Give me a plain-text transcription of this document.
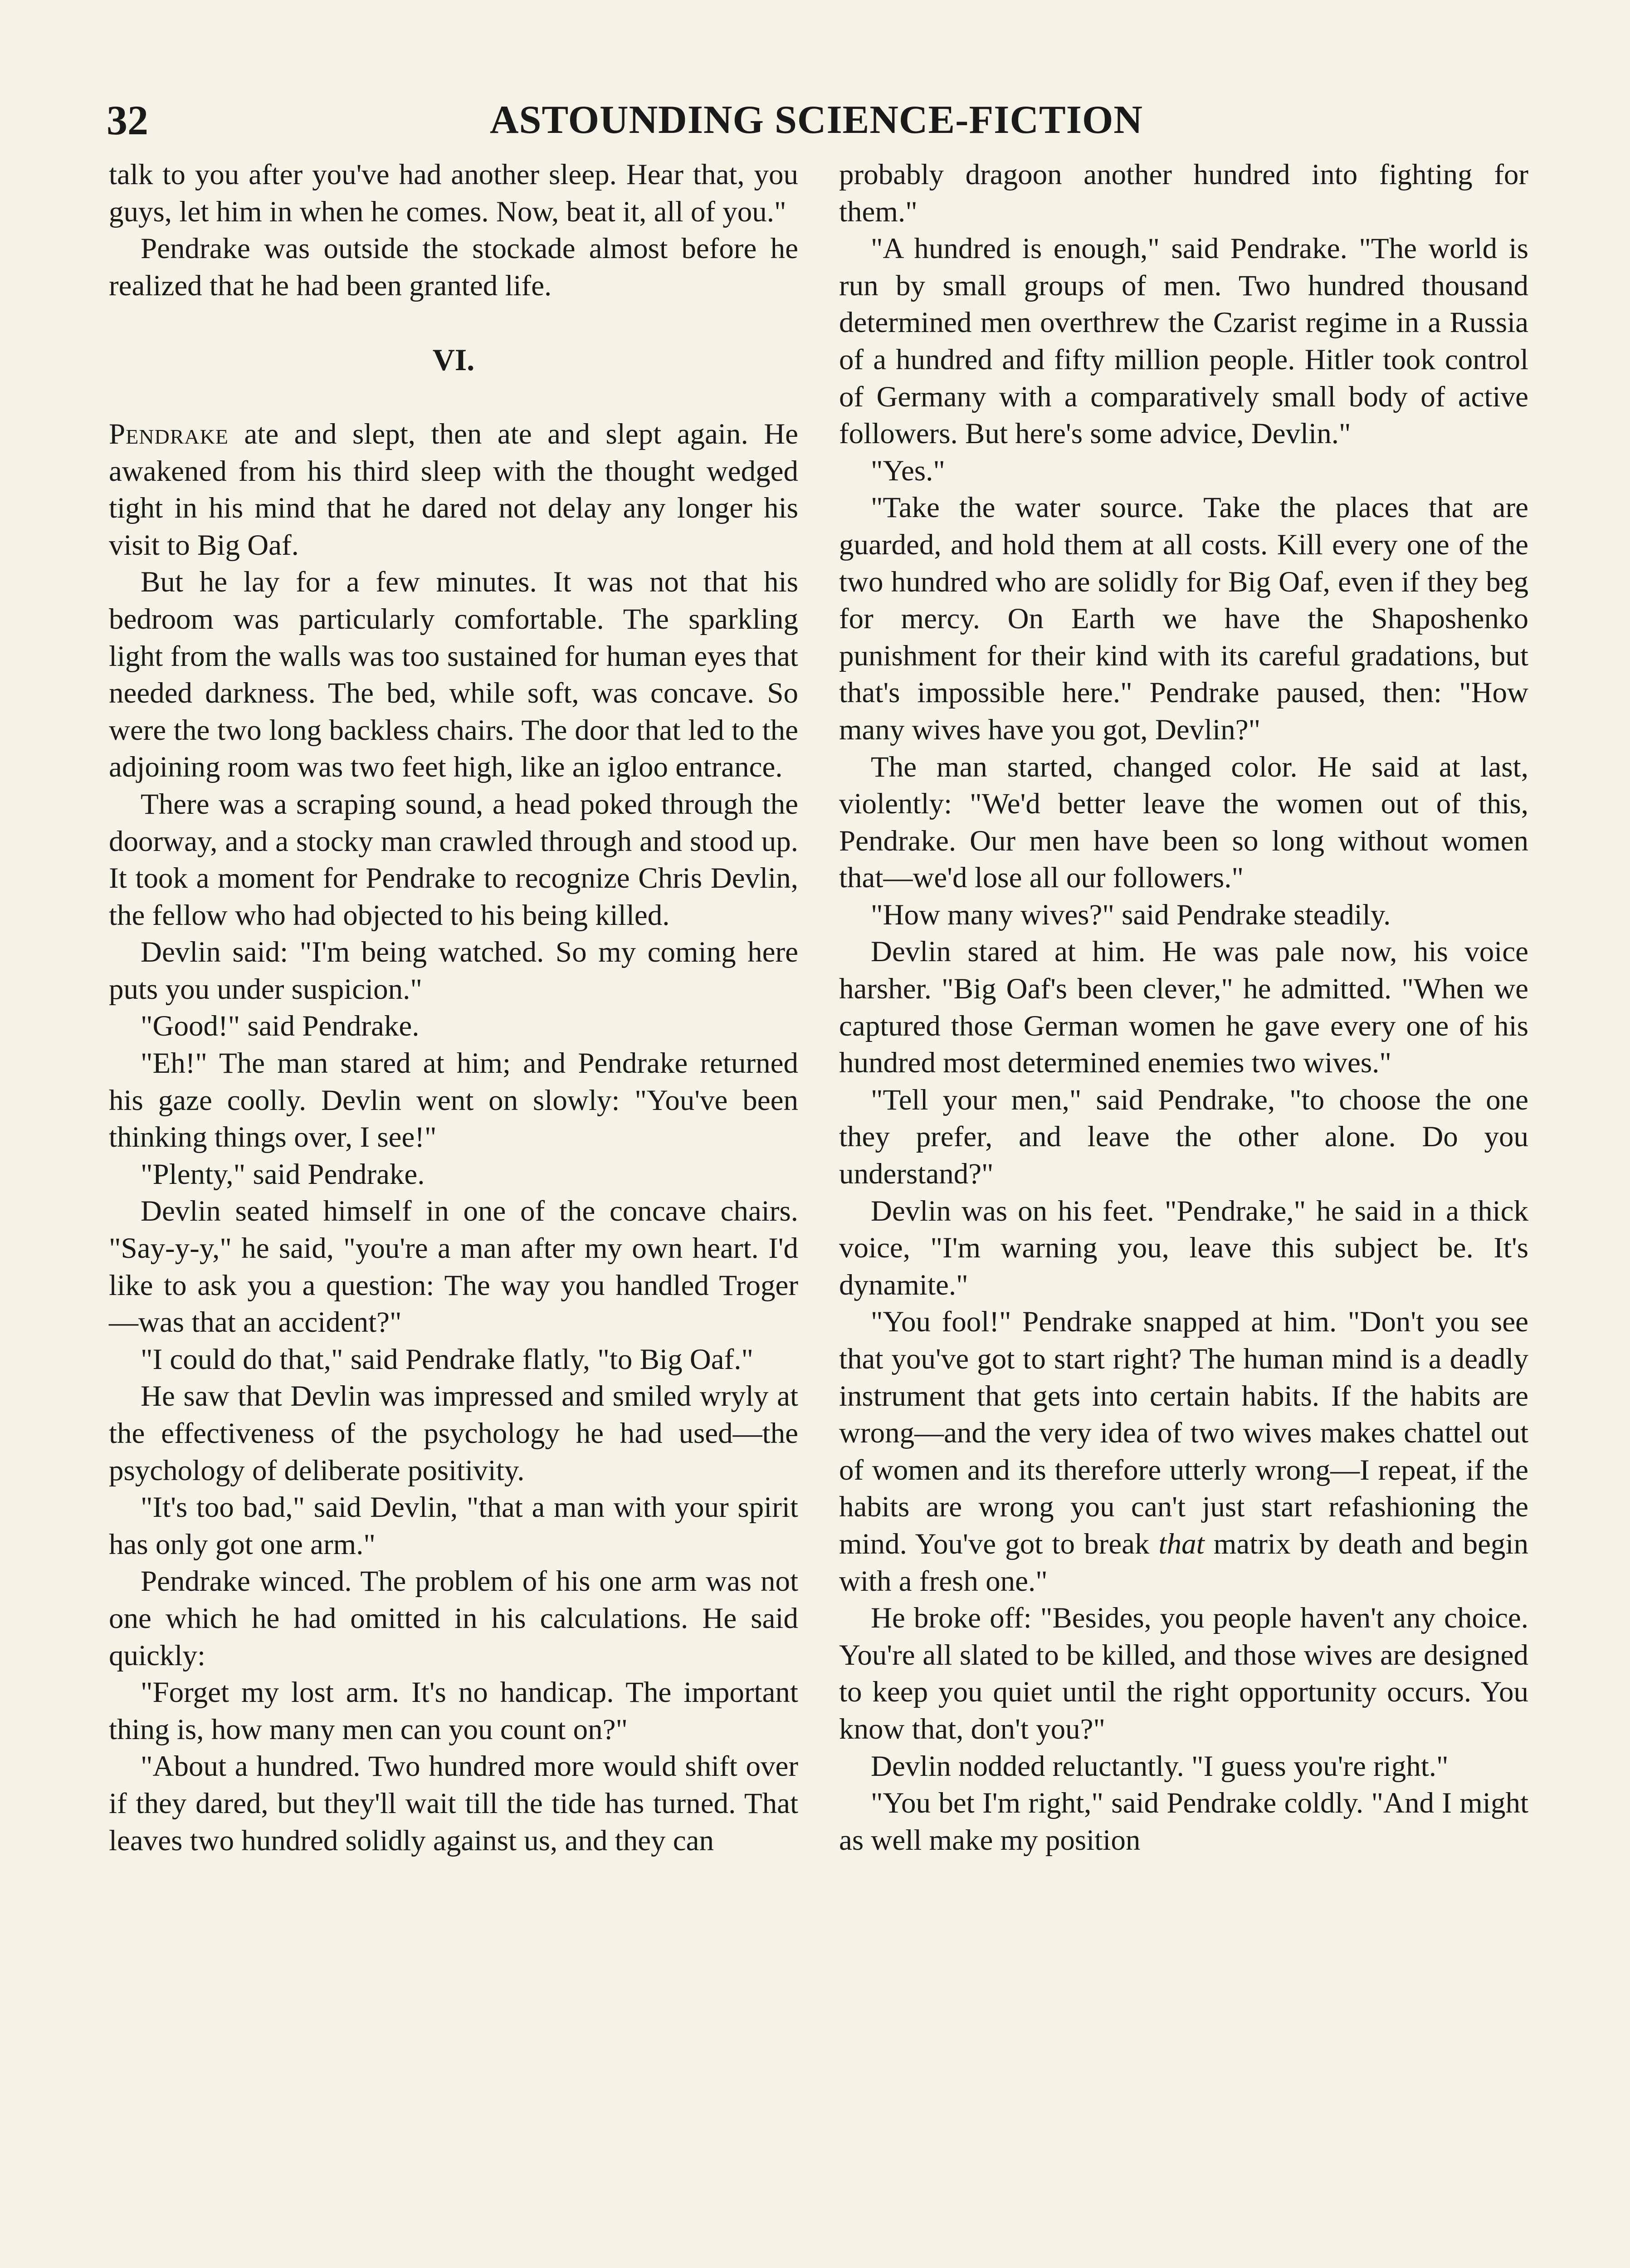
32	ASTOUNDING SCIENCE-FICTION

talk to you after you've had another sleep. Hear that, you guys, let him in when he comes. Now, beat it, all of you."

Pendrake was outside the stockade almost before he realized that he had been granted life.

VI.

Pendrake ate and slept, then ate and slept again. He awakened from his third sleep with the thought wedged tight in his mind that he dared not delay any longer his visit to Big Oaf.

But he lay for a few minutes. It was not that his bedroom was particularly comfortable. The sparkling light from the walls was too sustained for human eyes that needed darkness. The bed, while soft, was concave. So were the two long backless chairs. The door that led to the adjoining room was two feet high, like an igloo entrance.

There was a scraping sound, a head poked through the doorway, and a stocky man crawled through and stood up. It took a moment for Pendrake to recognize Chris Devlin, the fellow who had objected to his being killed.

Devlin said: "I'm being watched. So my coming here puts you under suspicion."

"Good!" said Pendrake.

"Eh!" The man stared at him; and Pendrake returned his gaze coolly. Devlin went on slowly: "You've been thinking things over, I see!"

"Plenty," said Pendrake.

Devlin seated himself in one of the concave chairs. "Say-y-y," he said, "you're a man after my own heart. I'd like to ask you a question: The way you handled Troger —was that an accident?"

"I could do that," said Pendrake flatly, "to Big Oaf."

He saw that Devlin was impressed and smiled wryly at the effectiveness of the psychology he had used—the psychology of deliberate positivity.

"It's too bad," said Devlin, "that a man with your spirit has only got one arm."

Pendrake winced. The problem of his one arm was not one which he had omitted in his calculations. He said quickly:

"Forget my lost arm. It's no handicap. The important thing is, how many men can you count on?"

"About a hundred. Two hundred more would shift over if they dared, but they'll wait till the tide has turned. That leaves two hundred solidly against us, and they can

probably dragoon another hundred into fighting for them."

"A hundred is enough," said Pendrake. "The world is run by small groups of men. Two hundred thousand determined men overthrew the Czarist regime in a Russia of a hundred and fifty million people. Hitler took control of Germany with a comparatively small body of active followers. But here's some advice, Devlin."

"Yes."

"Take the water source. Take the places that are guarded, and hold them at all costs. Kill every one of the two hundred who are solidly for Big Oaf, even if they beg for mercy. On Earth we have the Shaposhenko punishment for their kind with its careful gradations, but that's impossible here." Pendrake paused, then: "How many wives have you got, Devlin?"

The man started, changed color. He said at last, violently: "We'd better leave the women out of this, Pendrake. Our men have been so long without women that—we'd lose all our followers."

"How many wives?" said Pendrake steadily.

Devlin stared at him. He was pale now, his voice harsher. "Big Oaf's been clever," he admitted. "When we captured those German women he gave every one of his hundred most determined enemies two wives."

"Tell your men," said Pendrake, "to choose the one they prefer, and leave the other alone. Do you understand?"

Devlin was on his feet. "Pendrake," he said in a thick voice, "I'm warning you, leave this subject be. It's dynamite."

"You fool!" Pendrake snapped at him. "Don't you see that you've got to start right? The human mind is a deadly instrument that gets into certain habits. If the habits are wrong—and the very idea of two wives makes chattel out of women and its therefore utterly wrong—I repeat, if the habits are wrong you can't just start refashioning the mind. You've got to break that matrix by death and begin with a fresh one."

He broke off: "Besides, you people haven't any choice. You're all slated to be killed, and those wives are designed to keep you quiet until the right opportunity occurs. You know that, don't you?"

Devlin nodded reluctantly. "I guess you're right."

"You bet I'm right," said Pendrake coldly. "And I might as well make my position
